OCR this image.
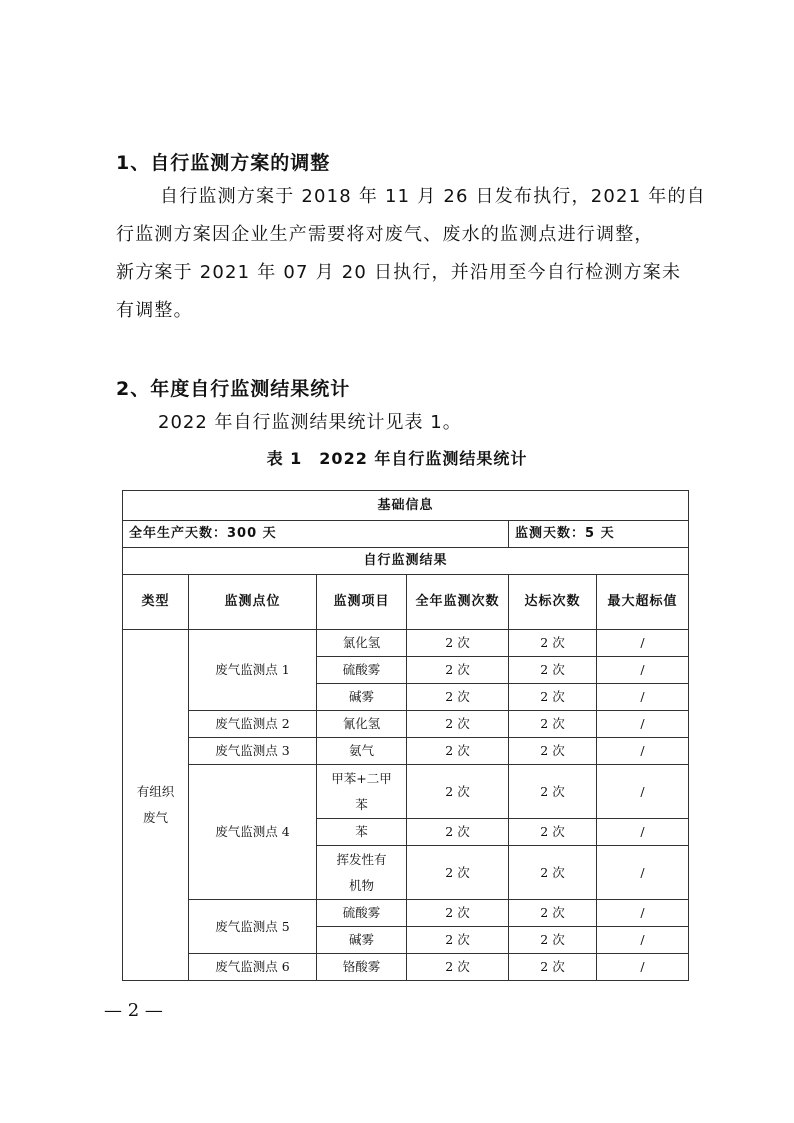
1、自行监测方案的调整

自行监测方案于 2018 年 11 月 26 日发布执行，2021 年的自

行监测方案因企业生产需要将对废气、废水的监测点进行调整，

新方案于 2021 年 07 月 20 日执行，并沿用至今自行检测方案未

有调整。

2、年度自行监测结果统计
2022 年自行监测结果统计见表 1。
表 1　2022 年自行监测结果统计
基础信息					
全年生产天数：300 天				监测天数：5 天	
自行监测结果					
类型	监测点位	监测项目	全年监测次数	达标次数	最大超标值
有组织废气	废气监测点 1	氯化氢	2 次	2 次	/
		硫酸雾	2 次	2 次	/
		碱雾	2 次	2 次	/
	废气监测点 2	氰化氢	2 次	2 次	/
	废气监测点 3	氨气	2 次	2 次	/
	废气监测点 4	甲苯+二甲苯	2 次	2 次	/
		苯	2 次	2 次	/
		挥发性有机物	2 次	2 次	/
	废气监测点 5	硫酸雾	2 次	2 次	/
		碱雾	2 次	2 次	/
	废气监测点 6	铬酸雾	2 次	2 次	/
— 2 —
